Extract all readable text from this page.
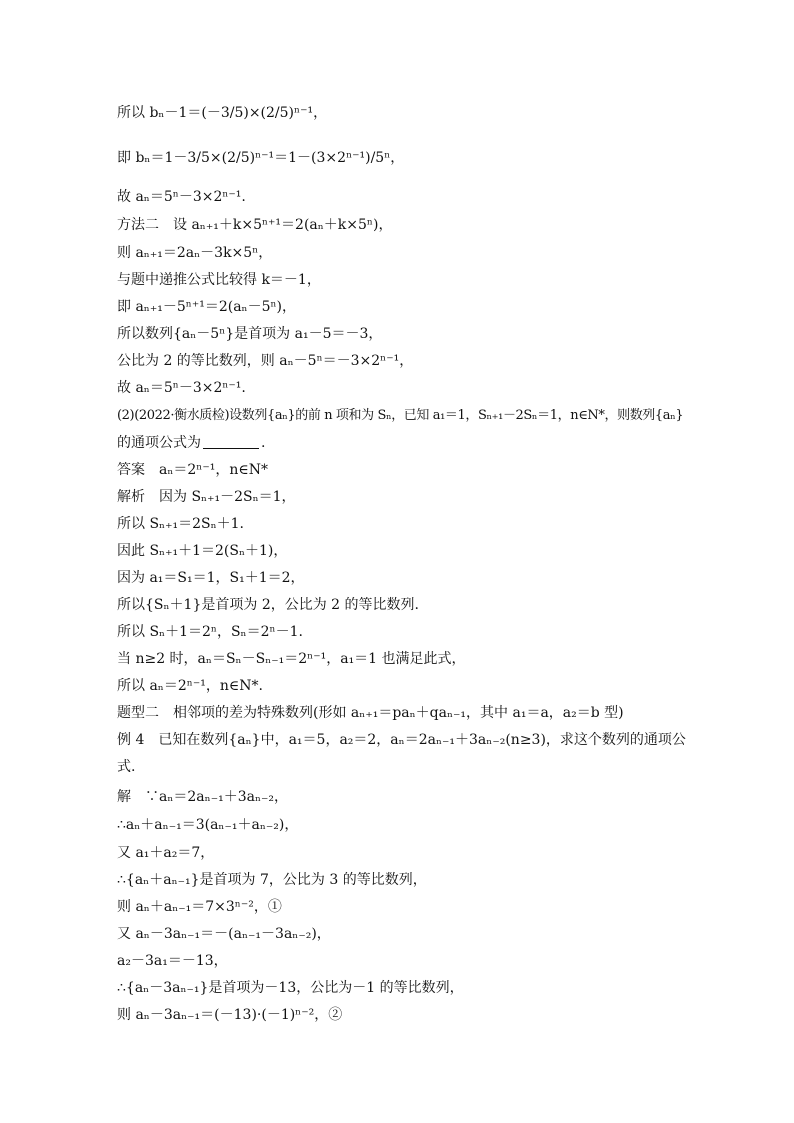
所以 bₙ－1＝(－3/5)×(2/5)ⁿ⁻¹，
即 bₙ＝1－3/5×(2/5)ⁿ⁻¹＝1－(3×2ⁿ⁻¹)/5ⁿ，
故 aₙ＝5ⁿ－3×2ⁿ⁻¹.
方法二　设 aₙ₊₁＋k×5ⁿ⁺¹＝2(aₙ＋k×5ⁿ)，
则 aₙ₊₁＝2aₙ－3k×5ⁿ，
与题中递推公式比较得 k＝－1，
即 aₙ₊₁－5ⁿ⁺¹＝2(aₙ－5ⁿ)，
所以数列{aₙ－5ⁿ}是首项为 a₁－5＝－3，
公比为 2 的等比数列，则 aₙ－5ⁿ＝－3×2ⁿ⁻¹，
故 aₙ＝5ⁿ－3×2ⁿ⁻¹.
(2)(2022·衡水质检)设数列{aₙ}的前 n 项和为 Sₙ，已知 a₁＝1，Sₙ₊₁－2Sₙ＝1，n∈N*，则数列{aₙ}
的通项公式为	.
答案　aₙ＝2ⁿ⁻¹，n∈N*
解析　因为 Sₙ₊₁－2Sₙ＝1，
所以 Sₙ₊₁＝2Sₙ＋1.
因此 Sₙ₊₁＋1＝2(Sₙ＋1)，
因为 a₁＝S₁＝1，S₁＋1＝2，
所以{Sₙ＋1}是首项为 2，公比为 2 的等比数列.
所以 Sₙ＋1＝2ⁿ，Sₙ＝2ⁿ－1.
当 n≥2 时，aₙ＝Sₙ－Sₙ₋₁＝2ⁿ⁻¹，a₁＝1 也满足此式，
所以 aₙ＝2ⁿ⁻¹，n∈N*.
题型二　相邻项的差为特殊数列(形如 aₙ₊₁＝paₙ＋qaₙ₋₁，其中 a₁＝a，a₂＝b 型)
例 4　已知在数列{aₙ}中，a₁＝5，a₂＝2，aₙ＝2aₙ₋₁＋3aₙ₋₂(n≥3)，求这个数列的通项公
式.
解　∵aₙ＝2aₙ₋₁＋3aₙ₋₂，
∴aₙ＋aₙ₋₁＝3(aₙ₋₁＋aₙ₋₂)，
又 a₁＋a₂＝7，
∴{aₙ＋aₙ₋₁}是首项为 7，公比为 3 的等比数列，
则 aₙ＋aₙ₋₁＝7×3ⁿ⁻²，①
又 aₙ－3aₙ₋₁＝－(aₙ₋₁－3aₙ₋₂)，
a₂－3a₁＝－13，
∴{aₙ－3aₙ₋₁}是首项为－13，公比为－1 的等比数列，
则 aₙ－3aₙ₋₁＝(－13)·(－1)ⁿ⁻²，②
